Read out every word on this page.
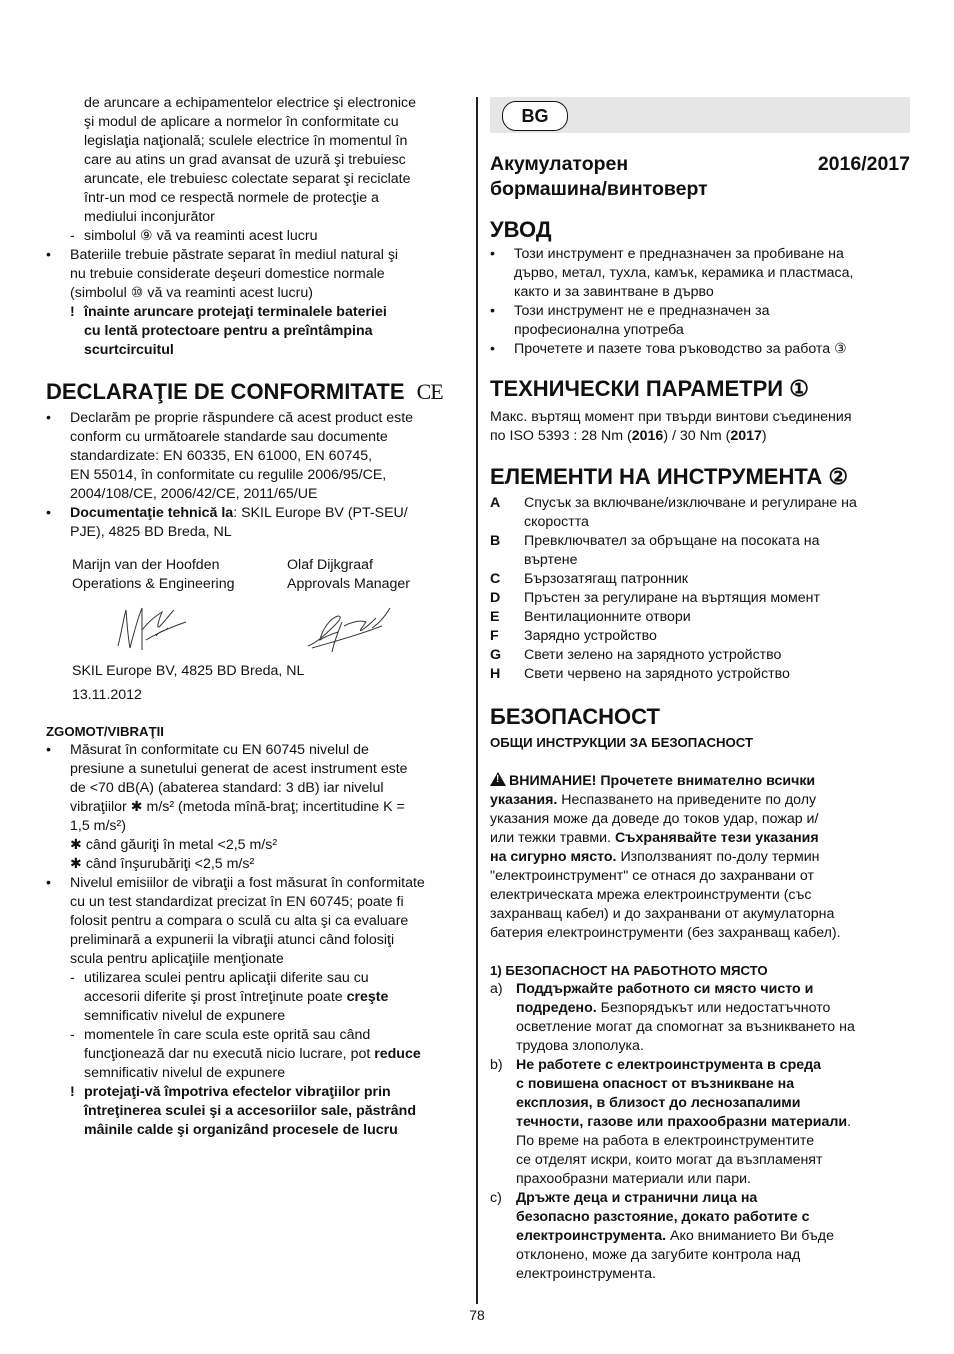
de aruncare a echipamentelor electrice şi electronice

şi modul de aplicare a normelor în conformitate cu

legislaţia naţională; sculele electrice în momentul în

care au atins un grad avansat de uzură şi trebuiesc

aruncate, ele trebuiesc colectate separat şi reciclate

într-un mod ce respectă normele de protecţie a

mediului inconjurător

- simbolul ⑨ vă va reaminti acest lucru
• Bateriile trebuie păstrate separat în mediul natural şi

nu trebuie considerate deşeuri domestice normale

(simbolul ⑩ vă va reaminti acest lucru)

! înainte aruncare protejaţi terminalele bateriei

cu lentă protectoare pentru a preîntâmpina

scurtcircuitul

DECLARAŢIE DE CONFORMITATE CE
• Declarăm pe proprie răspundere că acest product este

conform cu următoarele standarde sau documente

standardizate: EN 60335, EN 61000, EN 60745,

EN 55014, în conformitate cu regulile 2006/95/CE,

2004/108/CE, 2006/42/CE, 2011/65/UE

• Documentaţie tehnică la: SKIL Europe BV (PT-SEU/

PJE), 4825 BD Breda, NL

Marijn van der Hoofden

Operations & Engineering

Olaf Dijkgraaf

Approvals Manager

SKIL Europe BV, 4825 BD Breda, NL

13.11.2012

ZGOMOT/VIBRAŢII
• Măsurat în conformitate cu EN 60745 nivelul de

presiune a sunetului generat de acest instrument este

de <70 dB(A) (abaterea standard: 3 dB) iar nivelul

vibraţiilor ✱ m/s² (metoda mînă-braţ; incertitudine K =

1,5 m/s²)

✱ când găuriţi în metal <2,5 m/s²

✱ când înşurubăriţi <2,5 m/s²

• Nivelul emisiilor de vibraţii a fost măsurat în conformitate

cu un test standardizat precizat în EN 60745; poate fi

folosit pentru a compara o sculă cu alta şi ca evaluare

preliminară a expunerii la vibraţii atunci când folosiţi

scula pentru aplicaţiile menţionate

- utilizarea sculei pentru aplicaţii diferite sau cu

accesorii diferite şi prost întreţinute poate creşte

semnificativ nivelul de expunere

- momentele în care scula este oprită sau când

funcţionează dar nu execută nicio lucrare, pot reduce

semnificativ nivelul de expunere

! protejaţi-vă împotriva efectelor vibraţiilor prin

întreţinerea sculei şi a accesoriilor sale, păstrând

mâinile calde şi organizând procesele de lucru

BG
Акумулаторен
бормашина/винтоверт
2016/2017
УВОД
• Този инструмент е предназначен за пробиване на

дърво, метал, тухла, камък, керамика и пластмаса,

както и за завинтване в дърво

• Този инструмент не е предназначен за

професионална употреба

• Прочетете и пазете това ръководство за работа ③

ТЕХНИЧЕСКИ ПАРАМЕТРИ ①

Макс. въртящ момент при твърди винтови съединения

по ISO 5393 : 28 Nm (2016) / 30 Nm (2017)

ЕЛЕМЕНТИ НА ИНСТРУМЕНТА ②
A Спусък за включване/изключване и регулиране на

скоростта

B Превключвател за обръщане на посоката на

въртене

C Бързозатягащ патронник

D Пръстен за регулиране на въртящия момент

E Вентилационните отвори

F Зарядно устройство

G Свети зелено на зарядното устройство

H Свети червено на зарядното устройство

БЕЗОПАСНОСТ
ОБЩИ ИНСТРУКЦИИ ЗА БЕЗОПАСНОСТ

!ВНИМАНИЕ! Прочетете внимателно всички

указания. Неспазването на приведените по долу

указания може да доведе до токов удар, пожар и/

или тежки травми. Съхранявайте тези указания

на сигурно място. Използваният по-долу термин

"електроинструмент" се отнася до захранвани от

електрическата мрежа електроинструменти (със

захранващ кабел) и до захранвани от акумулаторна

батерия електроинструменти (без захранващ кабел).

1) БЕЗОПАСНОСТ НА РАБОТНОТО МЯСТО
a) Поддържайте работното си място чисто и

подредено. Безпорядъкът или недостатъчното

осветление могат да спомогнат за възникването на

трудова злополука.

b) Не работете с електроинструмента в среда

с повишена опасност от възникване на

експлозия, в близост до леснозапалими

течности, газове или прахообразни материали.

По време на работа в електроинструментите

се отделят искри, които могат да възпламенят

прахообразни материали или пари.

c) Дръжте деца и странични лица на

безопасно разстояние, докато работите с

електроинструмента. Ако вниманието Ви бъде

отклонено, може да загубите контрола над

електроинструмента.

78
